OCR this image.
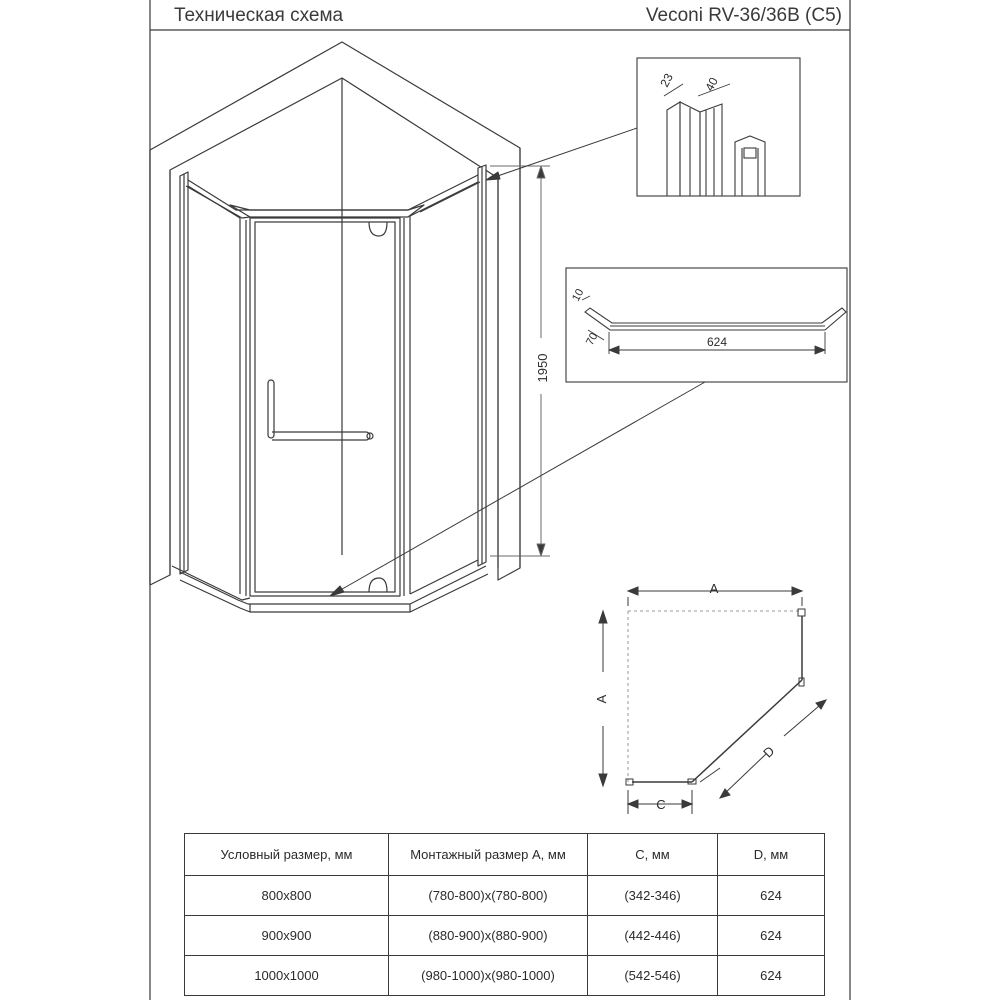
Техническая схема	Veconi RV-36/36B (C5)
1950
23 40
624
10
70
A
A
C
D
Условный размер, мм	Монтажный размер A, мм	C, мм	D, мм
800x800	(780-800)x(780-800)	(342-346)	624
900x900	(880-900)x(880-900)	(442-446)	624
1000x1000	(980-1000)x(980-1000)	(542-546)	624
